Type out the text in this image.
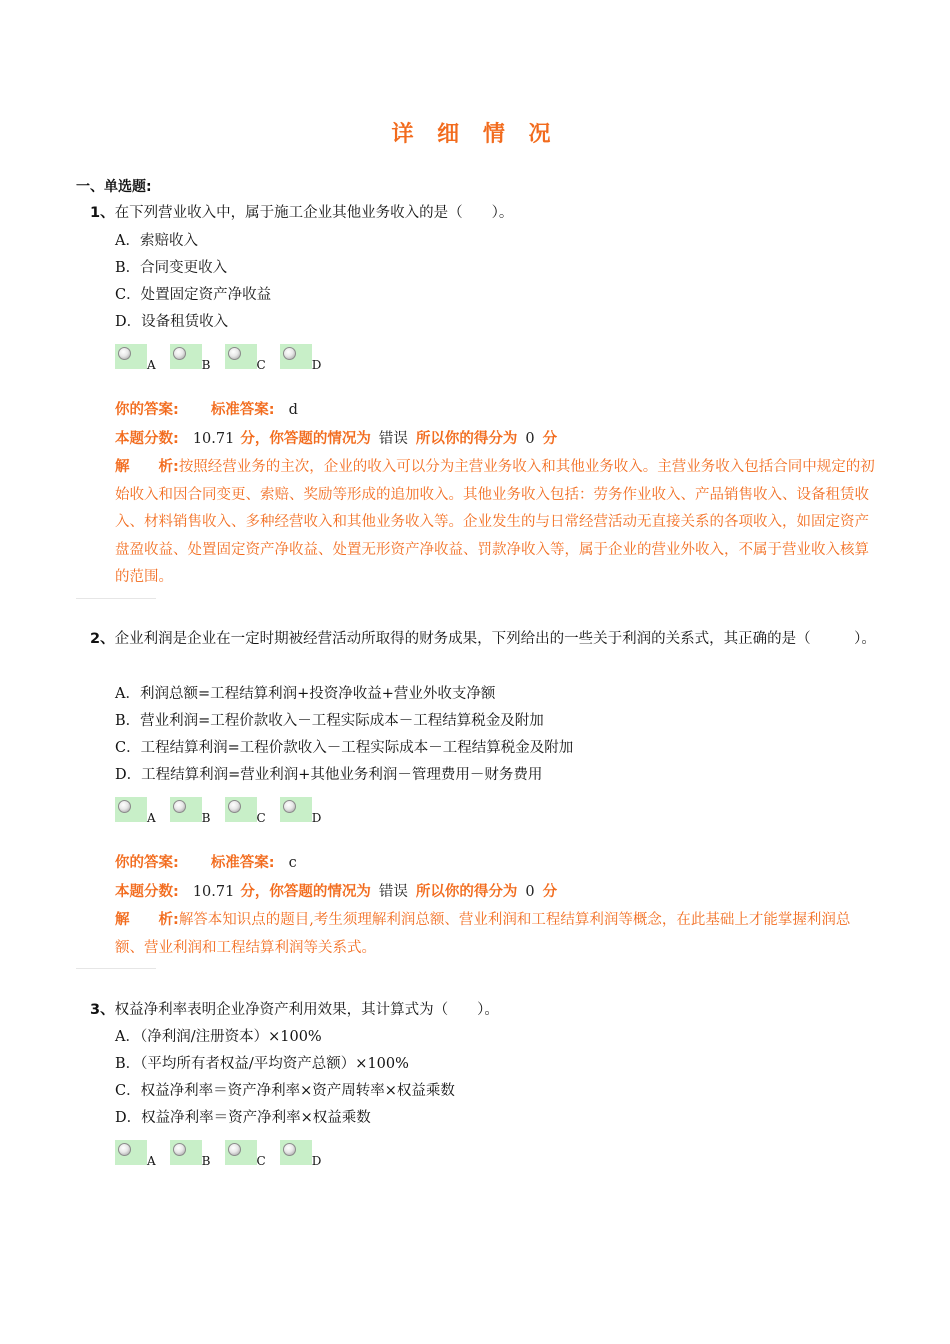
详 细 情 况
一、单选题:
1、在下列营业收入中，属于施工企业其他业务收入的是（　　）。
A．索赔收入
B．合同变更收入
C．处置固定资产净收益
D．设备租赁收入
A	B	C	D
你的答案: 标准答案: d
本题分数: 10.71 分，你答题的情况为 错误 所以你的得分为 0 分
解　　析:按照经营业务的主次，企业的收入可以分为主营业务收入和其他业务收入。主营业务收入包括合同中规定的初始收入和因合同变更、索赔、奖励等形成的追加收入。其他业务收入包括：劳务作业收入、产品销售收入、设备租赁收入、材料销售收入、多种经营收入和其他业务收入等。企业发生的与日常经营活动无直接关系的各项收入，如固定资产盘盈收益、处置固定资产净收益、处置无形资产净收益、罚款净收入等，属于企业的营业外收入，不属于营业收入核算的范围。
2、企业利润是企业在一定时期被经营活动所取得的财务成果，下列给出的一些关于利润的关系式，其正确的是（　　　）。
A．利润总额=工程结算利润+投资净收益+营业外收支净额
B．营业利润=工程价款收入－工程实际成本－工程结算税金及附加
C．工程结算利润=工程价款收入－工程实际成本－工程结算税金及附加
D．工程结算利润=营业利润+其他业务利润－管理费用－财务费用
A	B	C	D
你的答案: 标准答案: c
本题分数: 10.71 分，你答题的情况为 错误 所以你的得分为 0 分
解　　析:解答本知识点的题目,考生须理解利润总额、营业利润和工程结算利润等概念，在此基础上才能掌握利润总额、营业利润和工程结算利润等关系式。
3、权益净利率表明企业净资产利用效果，其计算式为（　　）。
A．（净利润/注册资本）×100%
B．（平均所有者权益/平均资产总额）×100%
C．权益净利率＝资产净利率×资产周转率×权益乘数
D．权益净利率＝资产净利率×权益乘数
A	B	C	D
